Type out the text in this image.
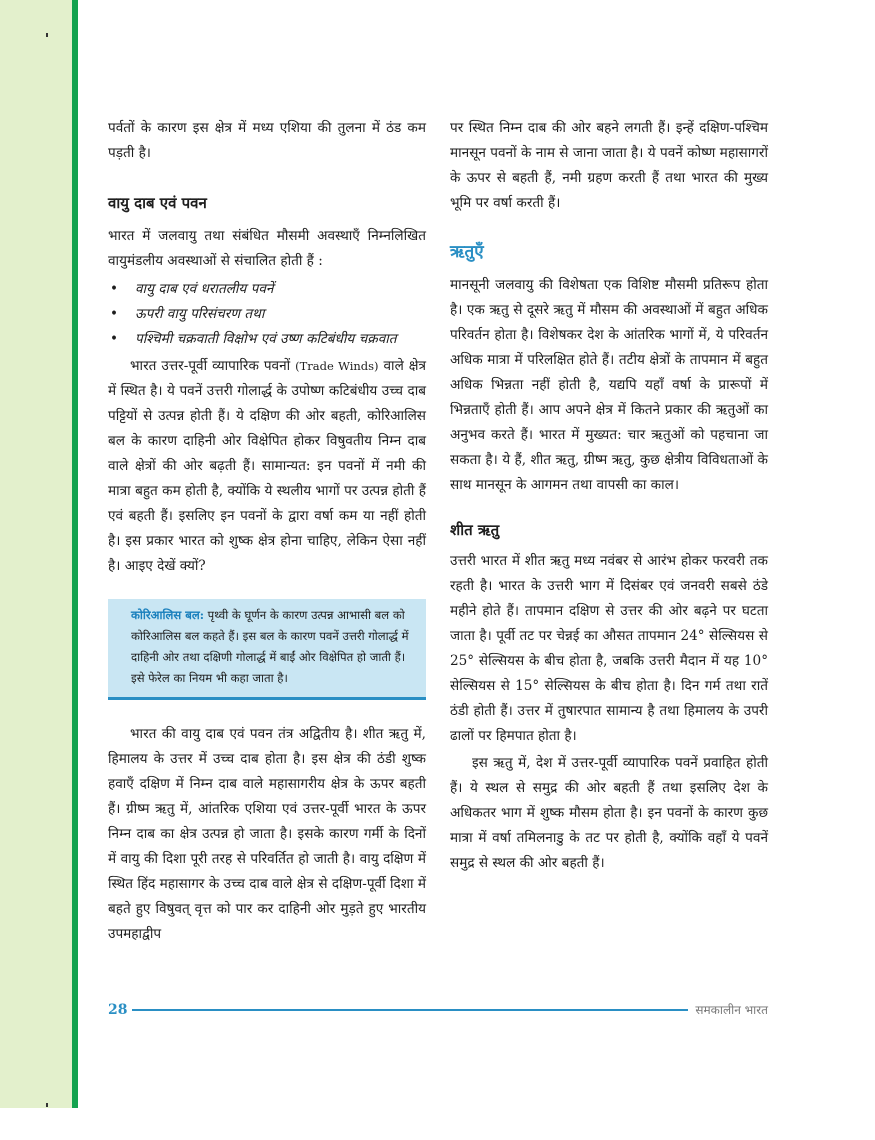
पर्वतों के कारण इस क्षेत्र में मध्य एशिया की तुलना में ठंड कम पड़ती है।

वायु दाब एवं पवन

भारत में जलवायु तथा संबंधित मौसमी अवस्थाएँ निम्नलिखित वायुमंडलीय अवस्थाओं से संचालित होती हैं :

• वायु दाब एवं धरातलीय पवनें
• ऊपरी वायु परिसंचरण तथा
• पश्चिमी चक्रवाती विक्षोभ एवं उष्ण कटिबंधीय चक्रवात

भारत उत्तर-पूर्वी व्यापारिक पवनों (Trade Winds) वाले क्षेत्र में स्थित है। ये पवनें उत्तरी गोलार्द्ध के उपोष्ण कटिबंधीय उच्च दाब पट्टियों से उत्पन्न होती हैं। ये दक्षिण की ओर बहती, कोरिआलिस बल के कारण दाहिनी ओर विक्षेपित होकर विषुवतीय निम्न दाब वाले क्षेत्रों की ओर बढ़ती हैं। सामान्यत: इन पवनों में नमी की मात्रा बहुत कम होती है, क्योंकि ये स्थलीय भागों पर उत्पन्न होती हैं एवं बहती हैं। इसलिए इन पवनों के द्वारा वर्षा कम या नहीं होती है। इस प्रकार भारत को शुष्क क्षेत्र होना चाहिए, लेकिन ऐसा नहीं है। आइए देखें क्यों?

कोरिआलिस बल: पृथ्वी के घूर्णन के कारण उत्पन्न आभासी बल को कोरिआलिस बल कहते हैं। इस बल के कारण पवनें उत्तरी गोलार्द्ध में दाहिनी ओर तथा दक्षिणी गोलार्द्ध में बाईं ओर विक्षेपित हो जाती हैं। इसे फेरेल का नियम भी कहा जाता है।

भारत की वायु दाब एवं पवन तंत्र अद्वितीय है। शीत ऋतु में, हिमालय के उत्तर में उच्च दाब होता है। इस क्षेत्र की ठंडी शुष्क हवाएँ दक्षिण में निम्न दाब वाले महासागरीय क्षेत्र के ऊपर बहती हैं। ग्रीष्म ऋतु में, आंतरिक एशिया एवं उत्तर-पूर्वी भारत के ऊपर निम्न दाब का क्षेत्र उत्पन्न हो जाता है। इसके कारण गर्मी के दिनों में वायु की दिशा पूरी तरह से परिवर्तित हो जाती है। वायु दक्षिण में स्थित हिंद महासागर के उच्च दाब वाले क्षेत्र से दक्षिण-पूर्वी दिशा में बहते हुए विषुवत् वृत्त को पार कर दाहिनी ओर मुड़ते हुए भारतीय उपमहाद्वीप

पर स्थित निम्न दाब की ओर बहने लगती हैं। इन्हें दक्षिण-पश्चिम मानसून पवनों के नाम से जाना जाता है। ये पवनें कोष्ण महासागरों के ऊपर से बहती हैं, नमी ग्रहण करती हैं तथा भारत की मुख्य भूमि पर वर्षा करती हैं।

ऋतुएँ

मानसूनी जलवायु की विशेषता एक विशिष्ट मौसमी प्रतिरूप होता है। एक ऋतु से दूसरे ऋतु में मौसम की अवस्थाओं में बहुत अधिक परिवर्तन होता है। विशेषकर देश के आंतरिक भागों में, ये परिवर्तन अधिक मात्रा में परिलक्षित होते हैं। तटीय क्षेत्रों के तापमान में बहुत अधिक भिन्नता नहीं होती है, यद्यपि यहाँ वर्षा के प्रारूपों में भिन्नताएँ होती हैं। आप अपने क्षेत्र में कितने प्रकार की ऋतुओं का अनुभव करते हैं। भारत में मुख्यत: चार ऋतुओं को पहचाना जा सकता है। ये हैं, शीत ऋतु, ग्रीष्म ऋतु, कुछ क्षेत्रीय विविधताओं के साथ मानसून के आगमन तथा वापसी का काल।

शीत ऋतु

उत्तरी भारत में शीत ऋतु मध्य नवंबर से आरंभ होकर फरवरी तक रहती है। भारत के उत्तरी भाग में दिसंबर एवं जनवरी सबसे ठंडे महीने होते हैं। तापमान दक्षिण से उत्तर की ओर बढ़ने पर घटता जाता है। पूर्वी तट पर चेन्नई का औसत तापमान 24° सेल्सियस से 25° सेल्सियस के बीच होता है, जबकि उत्तरी मैदान में यह 10° सेल्सियस से 15° सेल्सियस के बीच होता है। दिन गर्म तथा रातें ठंडी होती हैं। उत्तर में तुषारपात सामान्य है तथा हिमालय के उपरी ढालों पर हिमपात होता है।

इस ऋतु में, देश में उत्तर-पूर्वी व्यापारिक पवनें प्रवाहित होती हैं। ये स्थल से समुद्र की ओर बहती हैं तथा इसलिए देश के अधिकतर भाग में शुष्क मौसम होता है। इन पवनों के कारण कुछ मात्रा में वर्षा तमिलनाडु के तट पर होती है, क्योंकि वहाँ ये पवनें समुद्र से स्थल की ओर बहती हैं।

28	समकालीन भारत
